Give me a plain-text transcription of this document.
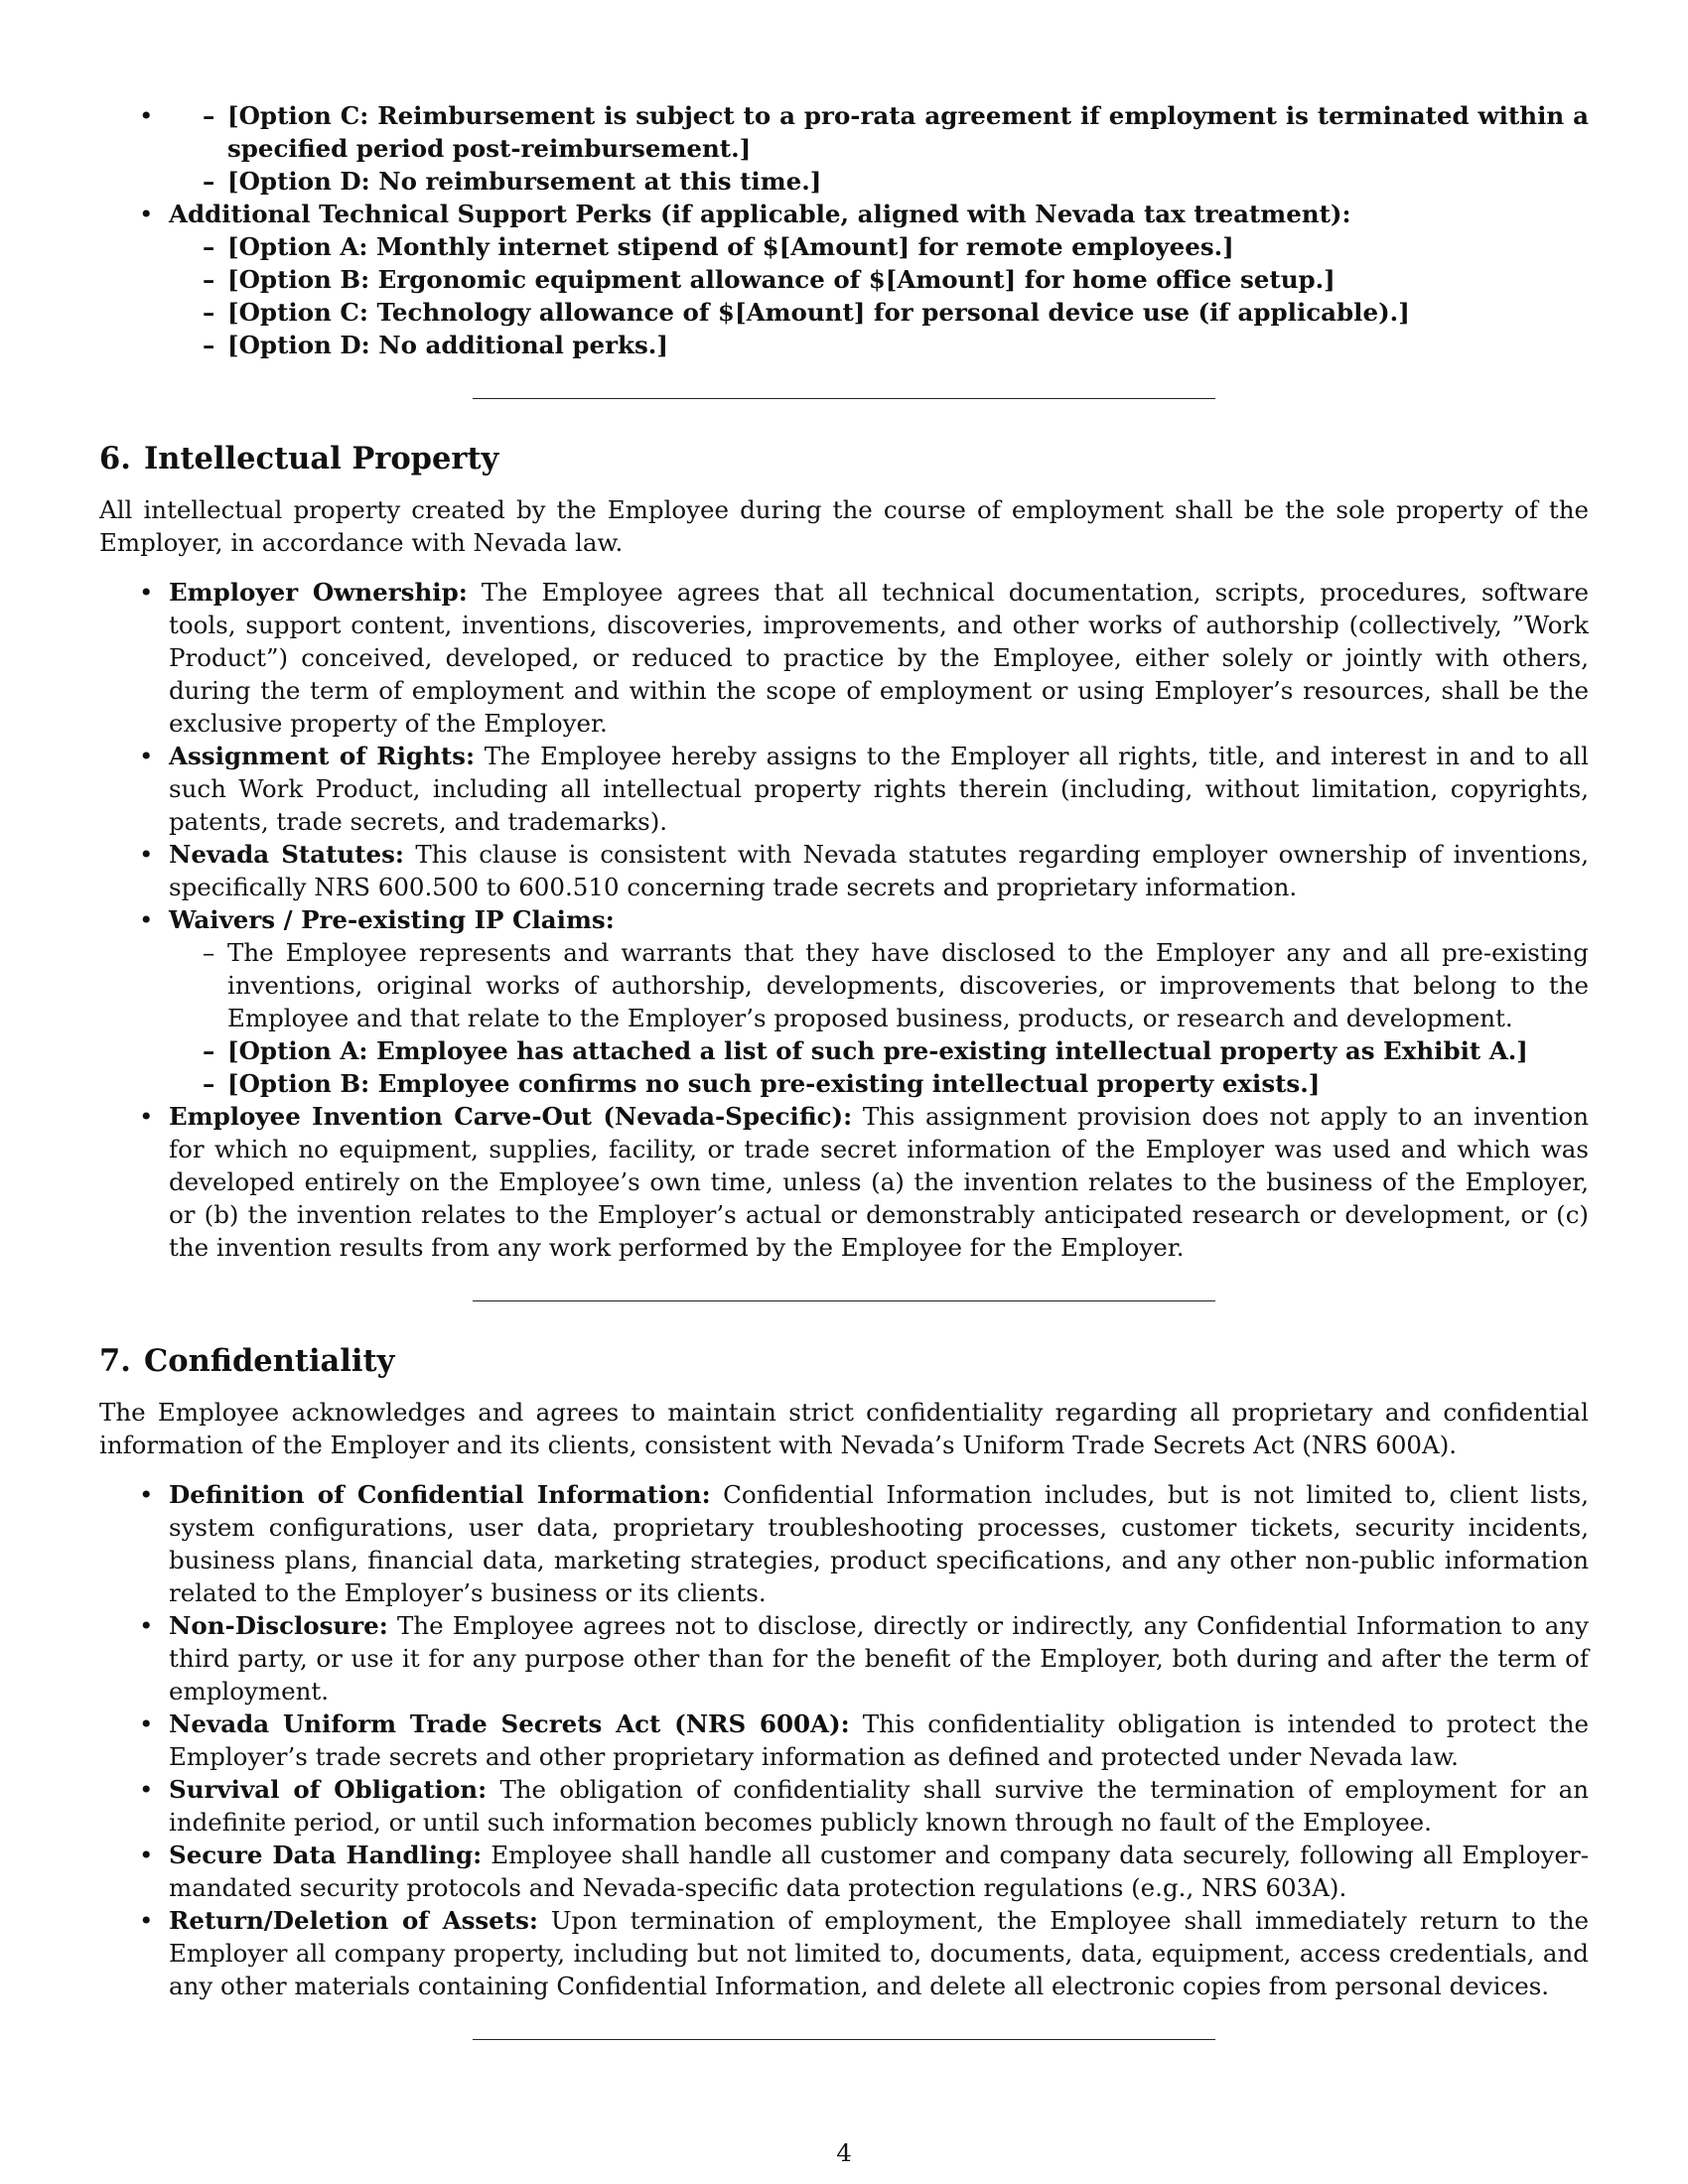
– • [Option C: Reimbursement is subject to a pro-rata agreement if employment is terminated within a specified period post-reimbursement.]
– [Option D: No reimbursement at this time.]
• Additional Technical Support Perks (if applicable, aligned with Nevada tax treatment):
– [Option A: Monthly internet stipend of $[Amount] for remote employees.]
– [Option B: Ergonomic equipment allowance of $[Amount] for home office setup.]
– [Option C: Technology allowance of $[Amount] for personal device use (if applicable).]
– [Option D: No additional perks.]
6. Intellectual Property
All intellectual property created by the Employee during the course of employment shall be the sole property of the Employer, in accordance with Nevada law.
• Employer Ownership: The Employee agrees that all technical documentation, scripts, procedures, software tools, support content, inventions, discoveries, improvements, and other works of authorship (collectively, ”Work Product”) conceived, developed, or reduced to practice by the Employee, either solely or jointly with others, during the term of employment and within the scope of employment or using Employer’s resources, shall be the exclusive property of the Employer.
• Assignment of Rights: The Employee hereby assigns to the Employer all rights, title, and interest in and to all such Work Product, including all intellectual property rights therein (including, without limitation, copyrights, patents, trade secrets, and trademarks).
• Nevada Statutes: This clause is consistent with Nevada statutes regarding employer ownership of inventions, specifically NRS 600.500 to 600.510 concerning trade secrets and proprietary information.
• Waivers / Pre-existing IP Claims:
– The Employee represents and warrants that they have disclosed to the Employer any and all pre-existing inventions, original works of authorship, developments, discoveries, or improvements that belong to the Employee and that relate to the Employer’s proposed business, products, or research and development.
– [Option A: Employee has attached a list of such pre-existing intellectual property as Exhibit A.]
– [Option B: Employee confirms no such pre-existing intellectual property exists.]
• Employee Invention Carve-Out (Nevada-Specific): This assignment provision does not apply to an invention for which no equipment, supplies, facility, or trade secret information of the Employer was used and which was developed entirely on the Employee’s own time, unless (a) the invention relates to the business of the Employer, or (b) the invention relates to the Employer’s actual or demonstrably anticipated research or development, or (c) the invention results from any work performed by the Employee for the Employer.
7. Confidentiality
The Employee acknowledges and agrees to maintain strict confidentiality regarding all proprietary and confidential information of the Employer and its clients, consistent with Nevada’s Uniform Trade Secrets Act (NRS 600A).
• Definition of Confidential Information: Confidential Information includes, but is not limited to, client lists, system configurations, user data, proprietary troubleshooting processes, customer tickets, security incidents, business plans, financial data, marketing strategies, product specifications, and any other non-public information related to the Employer’s business or its clients.
• Non-Disclosure: The Employee agrees not to disclose, directly or indirectly, any Confidential Information to any third party, or use it for any purpose other than for the benefit of the Employer, both during and after the term of employment.
• Nevada Uniform Trade Secrets Act (NRS 600A): This confidentiality obligation is intended to protect the Employer’s trade secrets and other proprietary information as defined and protected under Nevada law.
• Survival of Obligation: The obligation of confidentiality shall survive the termination of employment for an indefinite period, or until such information becomes publicly known through no fault of the Employee.
• Secure Data Handling: Employee shall handle all customer and company data securely, following all Employer-mandated security protocols and Nevada-specific data protection regulations (e.g., NRS 603A).
• Return/Deletion of Assets: Upon termination of employment, the Employee shall immediately return to the Employer all company property, including but not limited to, documents, data, equipment, access credentials, and any other materials containing Confidential Information, and delete all electronic copies from personal devices.
4
